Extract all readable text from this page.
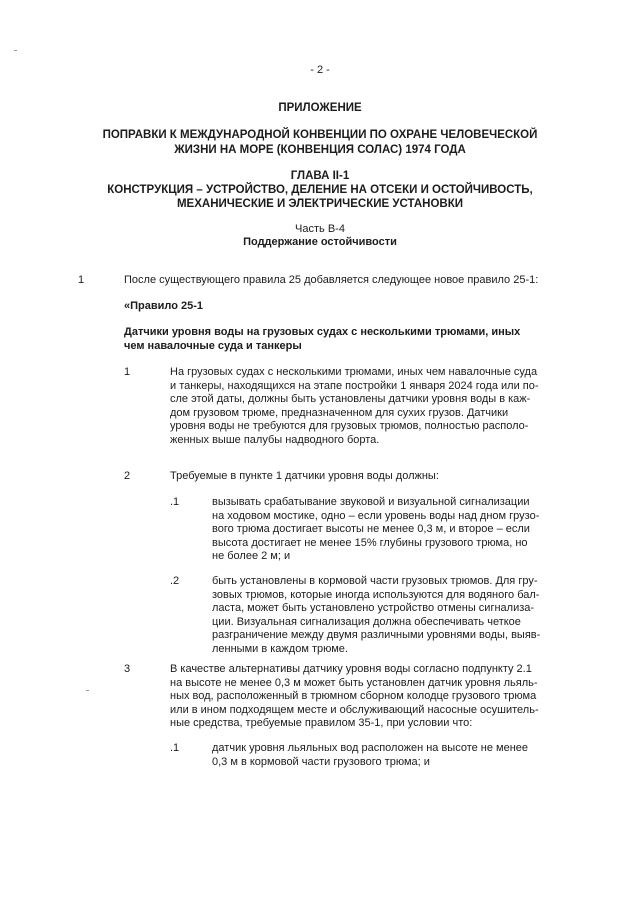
- 2 -
ПРИЛОЖЕНИЕ
ПОПРАВКИ К МЕЖДУНАРОДНОЙ КОНВЕНЦИИ ПО ОХРАНЕ ЧЕЛОВЕЧЕСКОЙ
ЖИЗНИ НА МОРЕ (КОНВЕНЦИЯ СОЛАС) 1974 ГОДА
ГЛАВА II-1
КОНСТРУКЦИЯ – УСТРОЙСТВО, ДЕЛЕНИЕ НА ОТСЕКИ И ОСТОЙЧИВОСТЬ,
МЕХАНИЧЕСКИЕ И ЭЛЕКТРИЧЕСКИЕ УСТАНОВКИ
Часть В-4
Поддержание остойчивости
1	После существующего правила 25 добавляется следующее новое правило 25-1:
«Правило 25-1
Датчики уровня воды на грузовых судах с несколькими трюмами, иных
чем навалочные суда и танкеры
1	На грузовых судах с несколькими трюмами, иных чем навалочные суда
и танкеры, находящихся на этапе постройки 1 января 2024 года или по-
сле этой даты, должны быть установлены датчики уровня воды в каж-
дом грузовом трюме, предназначенном для сухих грузов. Датчики
уровня воды не требуются для грузовых трюмов, полностью располо-
женных выше палубы надводного борта.
2	Требуемые в пункте 1 датчики уровня воды должны:
.1	вызывать срабатывание звуковой и визуальной сигнализации
на ходовом мостике, одно – если уровень воды над дном грузо-
вого трюма достигает высоты не менее 0,3 м, и второе – если
высота достигает не менее 15% глубины грузового трюма, но
не более 2 м; и
.2	быть установлены в кормовой части грузовых трюмов. Для гру-
зовых трюмов, которые иногда используются для водяного бал-
ласта, может быть установлено устройство отмены сигнализа-
ции. Визуальная сигнализация должна обеспечивать четкое
разграничение между двумя различными уровнями воды, выяв-
ленными в каждом трюме.
3	В качестве альтернативы датчику уровня воды согласно подпункту 2.1
на высоте не менее 0,3 м может быть установлен датчик уровня льяль-
ных вод, расположенный в трюмном сборном колодце грузового трюма
или в ином подходящем месте и обслуживающий насосные осушитель-
ные средства, требуемые правилом 35-1, при условии что:
.1	датчик уровня льяльных вод расположен на высоте не менее
0,3 м в кормовой части грузового трюма; и
